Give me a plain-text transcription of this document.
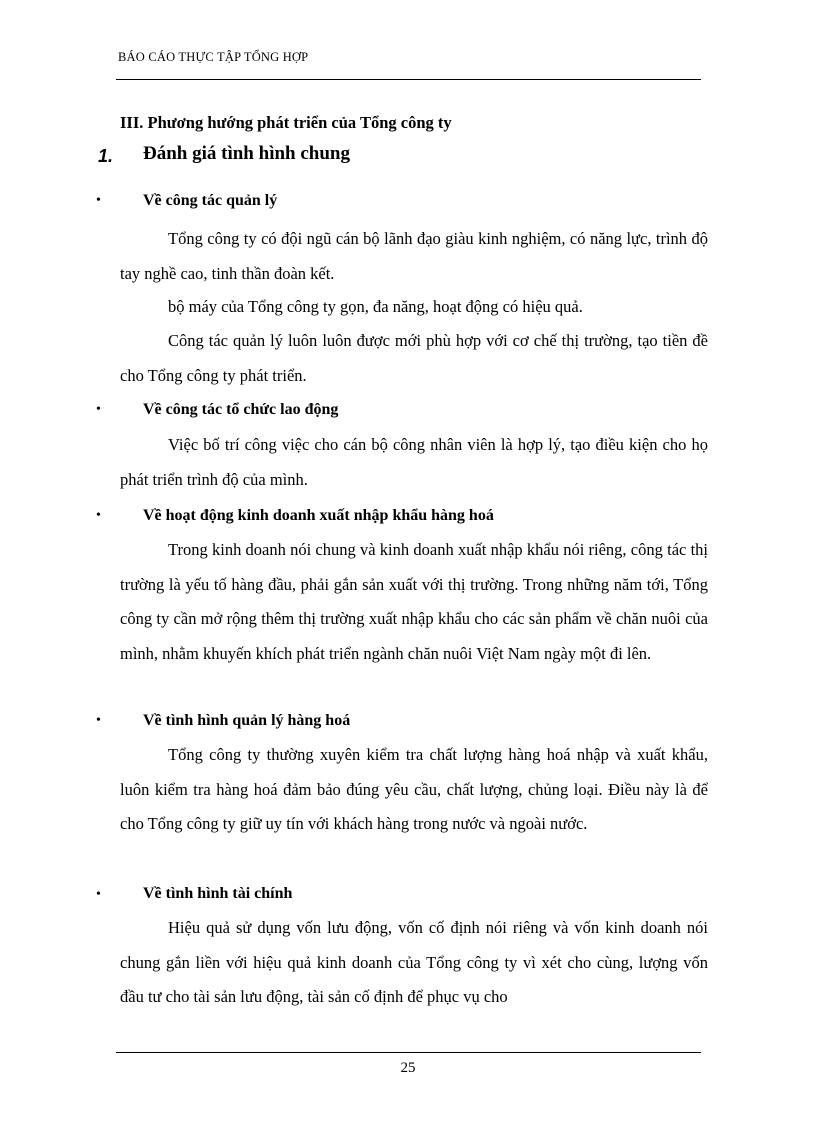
BÁO CÁO THỰC TẬP TỔNG HỢP
III. Phương hướng phát triển của Tổng công ty
1. Đánh giá tình hình chung
•	Về công tác quản lý
Tổng công ty có đội ngũ cán bộ lãnh đạo giàu kinh nghiệm, có năng lực, trình độ tay nghề cao, tinh thần đoàn kết.
bộ máy của Tổng công ty gọn, đa năng, hoạt động có hiệu quả.
Công tác quản lý luôn luôn được mới phù hợp với cơ chế thị trường, tạo tiền đề cho Tổng công ty phát triển.
•	Về công tác tổ chức lao động
Việc bố trí công việc cho cán bộ công nhân viên là hợp lý, tạo điều kiện cho họ phát triển trình độ của mình.
•	Về hoạt động kinh doanh xuất nhập khẩu hàng hoá
Trong kinh doanh nói chung và kinh doanh xuất nhập khẩu nói riêng, công tác thị trường là yếu tố hàng đầu, phải gắn sản xuất với thị trường. Trong những năm tới, Tổng công ty cần mở rộng thêm thị trường xuất nhập khẩu cho các sản phẩm về chăn nuôi của mình, nhằm khuyến khích phát triển ngành chăn nuôi Việt Nam ngày một đi lên.
•	Về tình hình quản lý hàng hoá
Tổng công ty thường xuyên kiểm tra chất lượng hàng hoá nhập và xuất khẩu, luôn kiểm tra hàng hoá đảm bảo đúng yêu cầu, chất lượng, chủng loại. Điều này là để cho Tổng công ty giữ uy tín với khách hàng trong nước và ngoài nước.
•	Về tình hình tài chính
Hiệu quả sử dụng vốn lưu động, vốn cố định nói riêng và vốn kinh doanh nói chung gắn liền với hiệu quả kinh doanh của Tổng công ty vì xét cho cùng, lượng vốn đầu tư cho tài sản lưu động, tài sản cố định để phục vụ cho
25
